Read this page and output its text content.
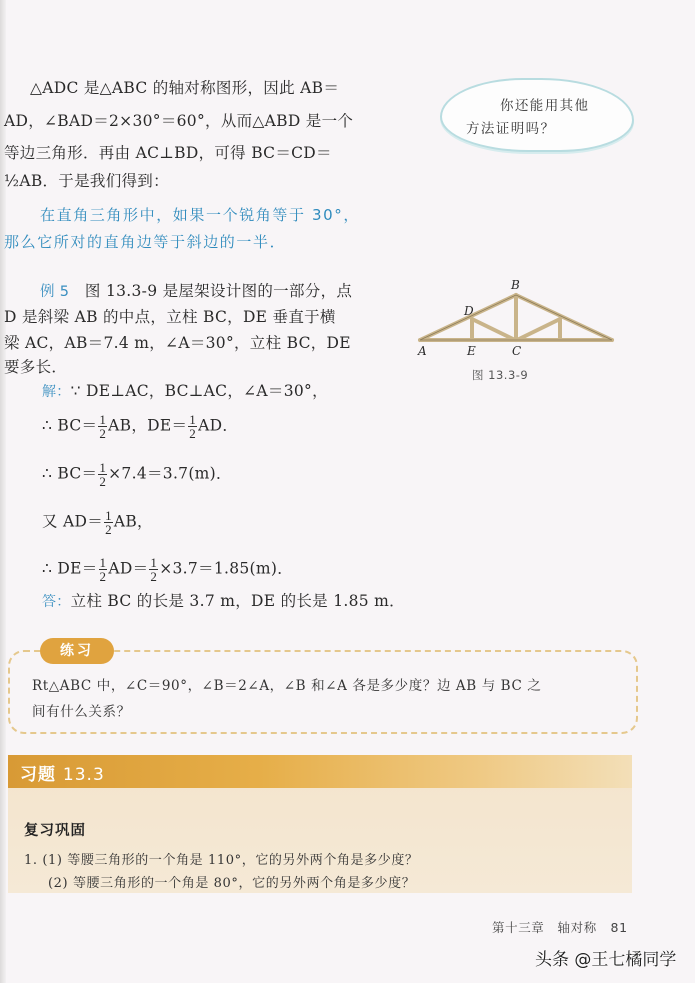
△ADC 是△ABC 的轴对称图形，因此 AB＝
AD，∠BAD＝2×30°＝60°，从而△ABD 是一个
等边三角形．再由 AC⊥BD，可得 BC＝CD＝
½AB．于是我们得到：
你还能用其他
方法证明吗？
在直角三角形中，如果一个锐角等于 30°，
那么它所对的直角边等于斜边的一半．
例 5 图 13.3-9 是屋架设计图的一部分，点
D 是斜梁 AB 的中点，立柱 BC，DE 垂直于横
梁 AC，AB＝7.4 m，∠A＝30°，立柱 BC，DE
要多长．
B
D
A	E	C
图 13.3-9
解：∵ DE⊥AC，BC⊥AC，∠A＝30°，
∴ $BC= \frac{1}{2}$ AB，$DE= \frac{1}{2}$ AD．
∴ $BC= \frac{1}{2} \times 7.4=3.7(m)$．
又 $AD= \frac{1}{2}$ AB，
∴ $DE= \frac{1}{2} AD= \frac{1}{2} \times 3.7=1.85(m)$．
答：立柱 BC 的长是 3.7 m，DE 的长是 1.85 m．
练习
Rt△ABC 中，∠C＝90°，∠B＝2∠A，∠B 和∠A 各是多少度？边 AB 与 BC 之
间有什么关系？
习题 13.3
复习巩固
1. (1) 等腰三角形的一个角是 110°，它的另外两个角是多少度？
(2) 等腰三角形的一个角是 80°，它的另外两个角是多少度？
第十三章　轴对称 81
头条 @王七橘同学
